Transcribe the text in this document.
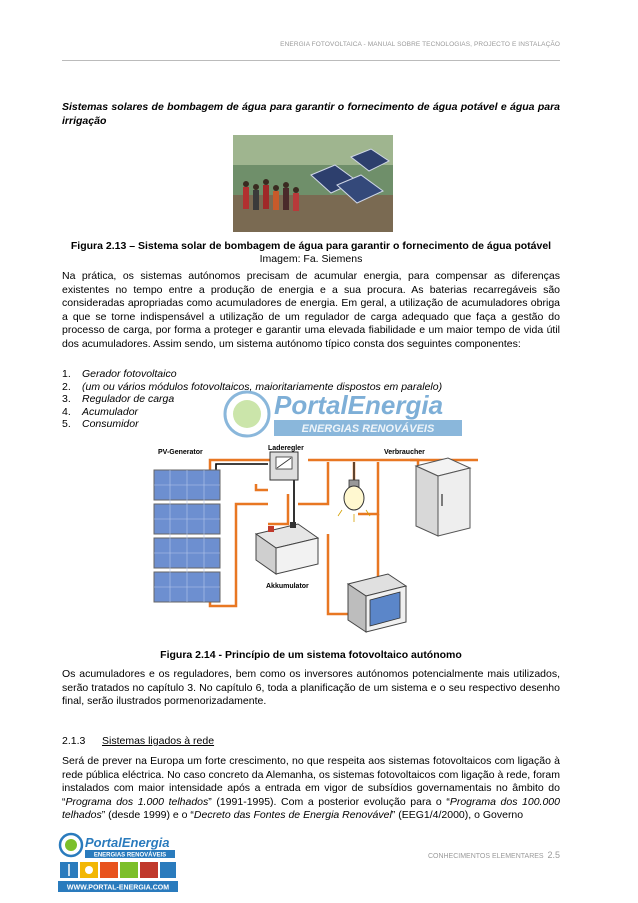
ENERGIA FOTOVOLTAICA - MANUAL SOBRE TECNOLOGIAS, PROJECTO E INSTALAÇÃO
Sistemas solares de bombagem de água para garantir o fornecimento de água potável e água para irrigação
Figura 2.13 – Sistema solar de bombagem de água para garantir o fornecimento de água potável
Imagem: Fa. Siemens
Na prática, os sistemas autónomos precisam de acumular energia, para compensar as diferenças existentes no tempo entre a produção de energia e a sua procura. As baterias recarregáveis são consideradas apropriadas como acumuladores de energia. Em geral, a utilização de acumuladores obriga a que se torne indispensável a utilização de um regulador de carga adequado que faça a gestão do processo de carga, por forma a proteger e garantir uma elevada fiabilidade e um maior tempo de vida útil dos acumuladores. Assim sendo, um sistema autónomo típico consta dos seguintes componentes:
1. Gerador fotovoltaico
2. (um ou vários módulos fotovoltaicos, maioritariamente dispostos em paralelo)
3. Regulador de carga
4. Acumulador
5. Consumidor
PortalEnergia
ENERGIAS RENOVÁVEIS
PV-Generator
Laderegler
Verbraucher
Akkumulator
Figura 2.14 - Princípio de um sistema fotovoltaico autónomo
Os acumuladores e os reguladores, bem como os inversores autónomos potencialmente mais utilizados, serão tratados no capítulo 3. No capítulo 6, toda a planificação de um sistema e o seu respectivo desenho final, serão ilustrados pormenorizadamente.
2.1.3 Sistemas ligados à rede
Será de prever na Europa um forte crescimento, no que respeita aos sistemas fotovoltaicos com ligação à rede pública eléctrica. No caso concreto da Alemanha, os sistemas fotovoltaicos com ligação à rede, foram instalados com maior intensidade após a entrada em vigor de subsídios governamentais no âmbito do “Programa dos 1.000 telhados” (1991-1995). Com a posterior evolução para o “Programa dos 100.000 telhados” (desde 1999) e o “Decreto das Fontes de Energia Renovável” (EEG1/4/2000), o Governo
PortalEnergia
ENERGIAS RENOVÁVEIS
WWW.PORTAL-ENERGIA.COM
CONHECIMENTOS ELEMENTARES 2.5
